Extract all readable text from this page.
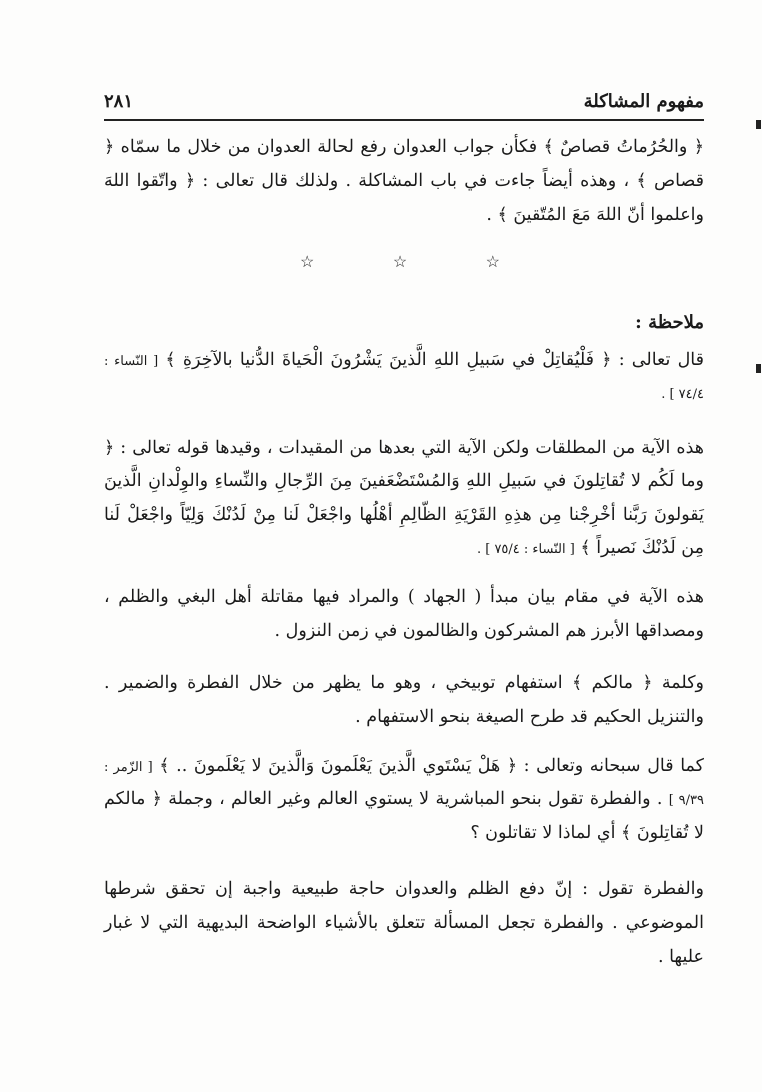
مفهوم المشاكلة
٢٨١

﴿ والحُرُماتُ قصاصٌ ﴾ فكأن جواب العدوان رفع لحالة العدوان من خلال ما سمّاه ﴿ قصاص ﴾ ، وهذه أيضاً جاءت في باب المشاكلة . ولذلك قال تعالى : ﴿ واتّقوا اللهَ واعلموا أنّ اللهَ مَعَ المُتّقينَ ﴾ .

☆	☆	☆
ملاحظة :

قال تعالى : ﴿ فَلْيُقاتِلْ في سَبيلِ اللهِ الَّذينَ يَشْرُونَ الْحَياةَ الدُّنيا بالآخِرَةِ ﴾ [ النّساء : ٧٤/٤ ] .

هذه الآية من المطلقات ولكن الآية التي بعدها من المقيدات ، وقيدها قوله تعالى : ﴿ وما لَكُم لا تُقاتِلونَ في سَبيلِ اللهِ وَالمُسْتَضْعَفينَ مِنَ الرِّجالِ والنِّساءِ والوِلْدانِ الَّذينَ يَقولونَ رَبَّنا أخْرِجْنا مِن هذِهِ القَرْيَةِ الظّالِمِ أهْلُها واجْعَلْ لَنا مِنْ لَدُنْكَ وَلِيّاً واجْعَلْ لَنا مِن لَدُنْكَ نَصيراً ﴾ [ النّساء : ٧٥/٤ ] .

هذه الآية في مقام بيان مبدأ ( الجهاد ) والمراد فيها مقاتلة أهل البغي والظلم ، ومصداقها الأبرز هم المشركون والظالمون في زمن النزول .

وكلمة ﴿ مالكم ﴾ استفهام توبيخي ، وهو ما يظهر من خلال الفطرة والضمير . والتنزيل الحكيم قد طرح الصيغة بنحو الاستفهام .

كما قال سبحانه وتعالى : ﴿ هَلْ يَسْتَوي الَّذينَ يَعْلَمونَ وَالَّذينَ لا يَعْلَمونَ .. ﴾ [ الزّمر : ٩/٣٩ ] . والفطرة تقول بنحو المباشرية لا يستوي العالم وغير العالم ، وجملة ﴿ مالكم لا تُقاتِلونَ ﴾ أي لماذا لا تقاتلون ؟

والفطرة تقول : إنّ دفع الظلم والعدوان حاجة طبيعية واجبة إن تحقق شرطها الموضوعي . والفطرة تجعل المسألة تتعلق بالأشياء الواضحة البديهية التي لا غبار عليها .
